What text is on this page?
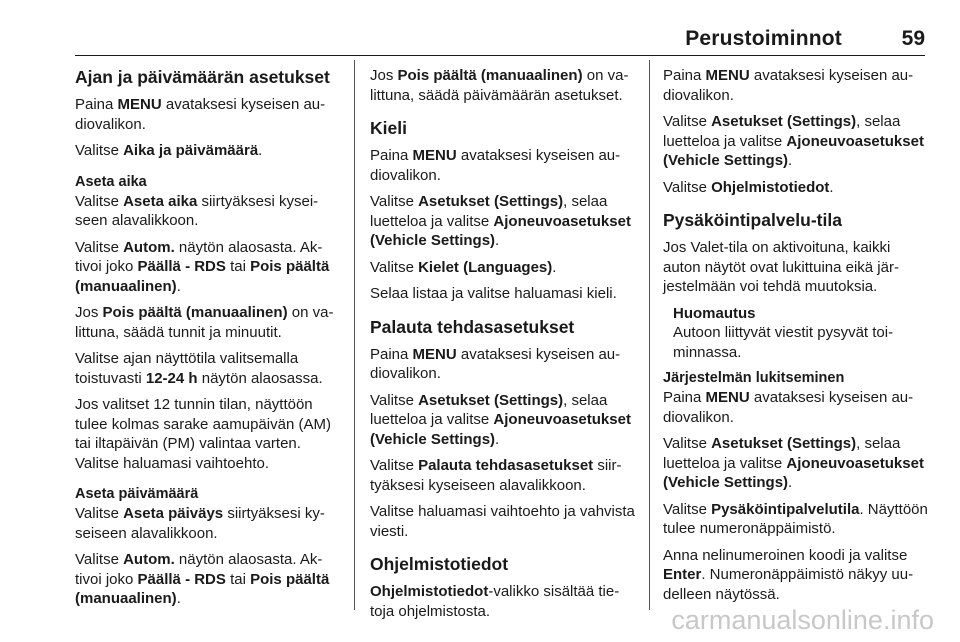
Perustoiminnot	59
Ajan ja päivämäärän asetukset

Paina MENU avataksesi kyseisen audiovalikon.

Valitse Aika ja päivämäärä.

Aseta aika

Valitse Aseta aika siirtyäksesi kyseiseen alavalikkoon.

Valitse Autom. näytön alaosasta. Aktivoi joko Päällä - RDS tai Pois päältä (manuaalinen).

Jos Pois päältä (manuaalinen) on valittuna, säädä tunnit ja minuutit.

Valitse ajan näyttötila valitsemalla toistuvasti 12-24 h näytön alaosassa.

Jos valitset 12 tunnin tilan, näyttöön tulee kolmas sarake aamupäivän (AM) tai iltapäivän (PM) valintaa varten. Valitse haluamasi vaihtoehto.

Aseta päivämäärä

Valitse Aseta päiväys siirtyäksesi kyseiseen alavalikkoon.

Valitse Autom. näytön alaosasta. Aktivoi joko Päällä - RDS tai Pois päältä (manuaalinen).

Jos Pois päältä (manuaalinen) on valittuna, säädä päivämäärän asetukset.

Kieli

Paina MENU avataksesi kyseisen audiovalikon.

Valitse Asetukset (Settings), selaa luetteloa ja valitse Ajoneuvoasetukset (Vehicle Settings).

Valitse Kielet (Languages).

Selaa listaa ja valitse haluamasi kieli.

Palauta tehdasasetukset

Paina MENU avataksesi kyseisen audiovalikon.

Valitse Asetukset (Settings), selaa luetteloa ja valitse Ajoneuvoasetukset (Vehicle Settings).

Valitse Palauta tehdasasetukset siirtyäksesi kyseiseen alavalikkoon.

Valitse haluamasi vaihtoehto ja vahvista viesti.

Ohjelmistotiedot

Ohjelmistotiedot-valikko sisältää tietoja ohjelmistosta.

Paina MENU avataksesi kyseisen audiovalikon.

Valitse Asetukset (Settings), selaa luetteloa ja valitse Ajoneuvoasetukset (Vehicle Settings).

Valitse Ohjelmistotiedot.

Pysäköintipalvelu-tila

Jos Valet-tila on aktivoituna, kaikki auton näytöt ovat lukittuina eikä järjestelmään voi tehdä muutoksia.

Huomautus
Autoon liittyvät viestit pysyvät toiminnassa.
Järjestelmän lukitseminen

Paina MENU avataksesi kyseisen audiovalikon.

Valitse Asetukset (Settings), selaa luetteloa ja valitse Ajoneuvoasetukset (Vehicle Settings).

Valitse Pysäköintipalvelutila. Näyttöön tulee numeronäppäimistö.

Anna nelinumeroinen koodi ja valitse Enter. Numeronäppäimistö näkyy uudelleen näytössä.

carmanualsonline.info
